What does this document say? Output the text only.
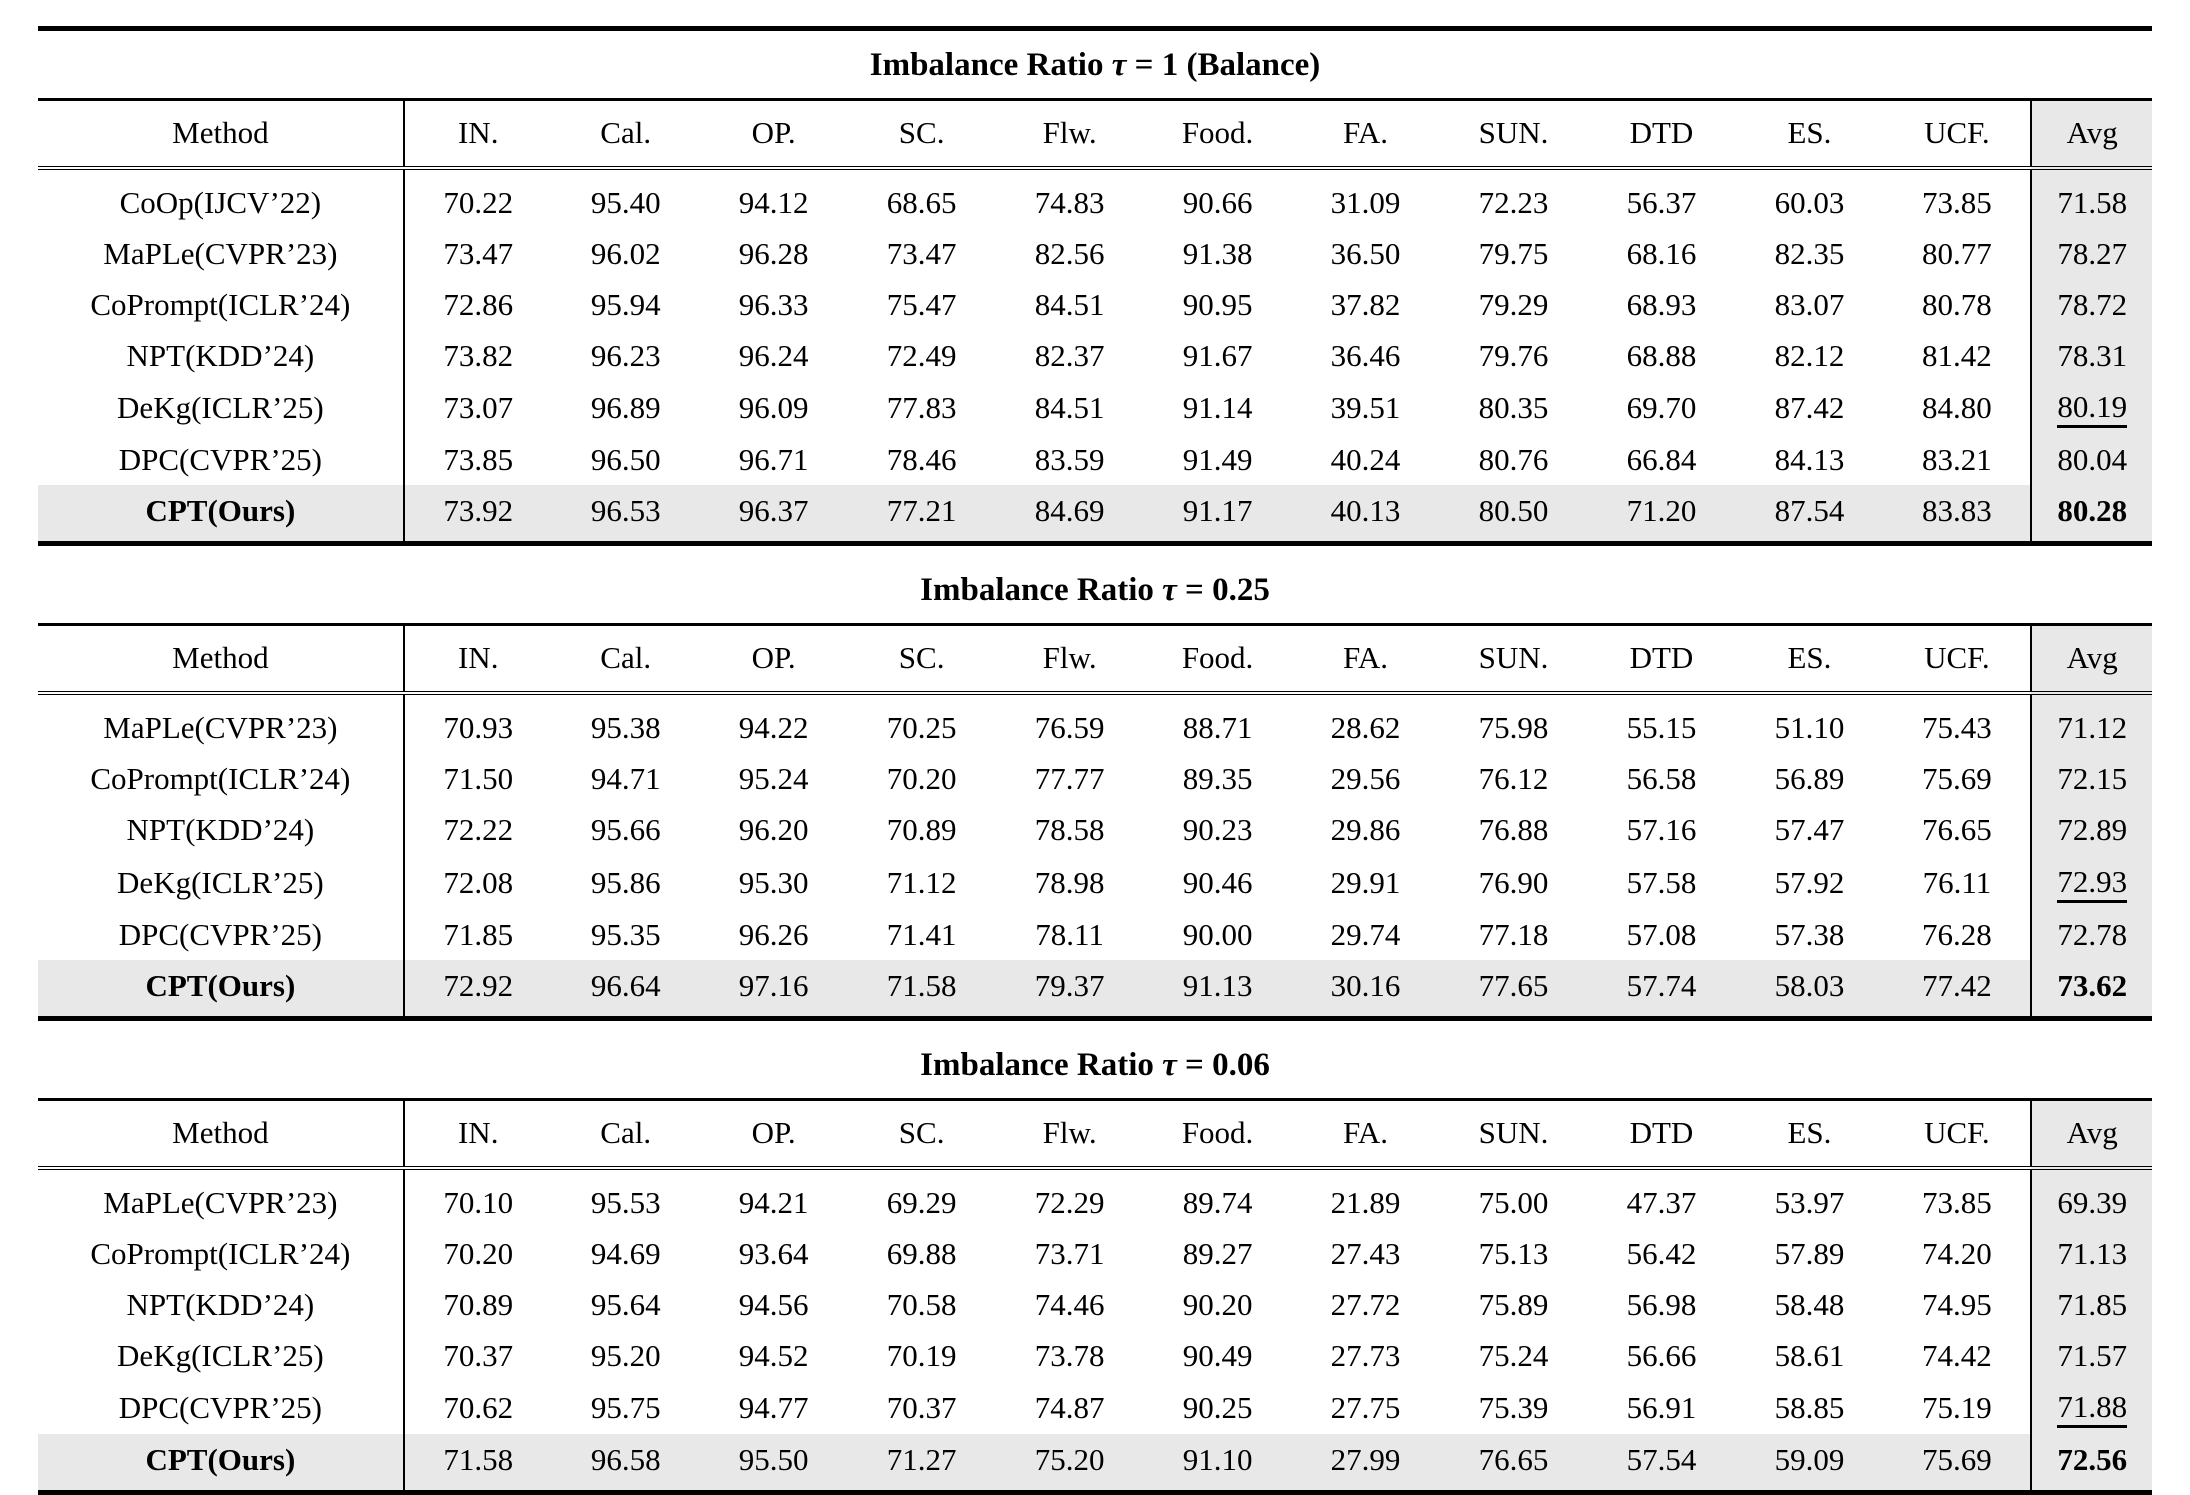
Imbalance Ratio τ = 1 (Balance)
Method	IN.	Cal.	OP.	SC.	Flw.	Food.	FA.	SUN.	DTD	ES.	UCF.	Avg
CoOp(IJCV’22)	70.22	95.40	94.12	68.65	74.83	90.66	31.09	72.23	56.37	60.03	73.85	71.58
MaPLe(CVPR’23)	73.47	96.02	96.28	73.47	82.56	91.38	36.50	79.75	68.16	82.35	80.77	78.27
CoPrompt(ICLR’24)	72.86	95.94	96.33	75.47	84.51	90.95	37.82	79.29	68.93	83.07	80.78	78.72
NPT(KDD’24)	73.82	96.23	96.24	72.49	82.37	91.67	36.46	79.76	68.88	82.12	81.42	78.31
DeKg(ICLR’25)	73.07	96.89	96.09	77.83	84.51	91.14	39.51	80.35	69.70	87.42	84.80	80.19
DPC(CVPR’25)	73.85	96.50	96.71	78.46	83.59	91.49	40.24	80.76	66.84	84.13	83.21	80.04
CPT(Ours)	73.92	96.53	96.37	77.21	84.69	91.17	40.13	80.50	71.20	87.54	83.83	80.28
Imbalance Ratio τ = 0.25
Method	IN.	Cal.	OP.	SC.	Flw.	Food.	FA.	SUN.	DTD	ES.	UCF.	Avg
MaPLe(CVPR’23)	70.93	95.38	94.22	70.25	76.59	88.71	28.62	75.98	55.15	51.10	75.43	71.12
CoPrompt(ICLR’24)	71.50	94.71	95.24	70.20	77.77	89.35	29.56	76.12	56.58	56.89	75.69	72.15
NPT(KDD’24)	72.22	95.66	96.20	70.89	78.58	90.23	29.86	76.88	57.16	57.47	76.65	72.89
DeKg(ICLR’25)	72.08	95.86	95.30	71.12	78.98	90.46	29.91	76.90	57.58	57.92	76.11	72.93
DPC(CVPR’25)	71.85	95.35	96.26	71.41	78.11	90.00	29.74	77.18	57.08	57.38	76.28	72.78
CPT(Ours)	72.92	96.64	97.16	71.58	79.37	91.13	30.16	77.65	57.74	58.03	77.42	73.62
Imbalance Ratio τ = 0.06
Method	IN.	Cal.	OP.	SC.	Flw.	Food.	FA.	SUN.	DTD	ES.	UCF.	Avg
MaPLe(CVPR’23)	70.10	95.53	94.21	69.29	72.29	89.74	21.89	75.00	47.37	53.97	73.85	69.39
CoPrompt(ICLR’24)	70.20	94.69	93.64	69.88	73.71	89.27	27.43	75.13	56.42	57.89	74.20	71.13
NPT(KDD’24)	70.89	95.64	94.56	70.58	74.46	90.20	27.72	75.89	56.98	58.48	74.95	71.85
DeKg(ICLR’25)	70.37	95.20	94.52	70.19	73.78	90.49	27.73	75.24	56.66	58.61	74.42	71.57
DPC(CVPR’25)	70.62	95.75	94.77	70.37	74.87	90.25	27.75	75.39	56.91	58.85	75.19	71.88
CPT(Ours)	71.58	96.58	95.50	71.27	75.20	91.10	27.99	76.65	57.54	59.09	75.69	72.56
